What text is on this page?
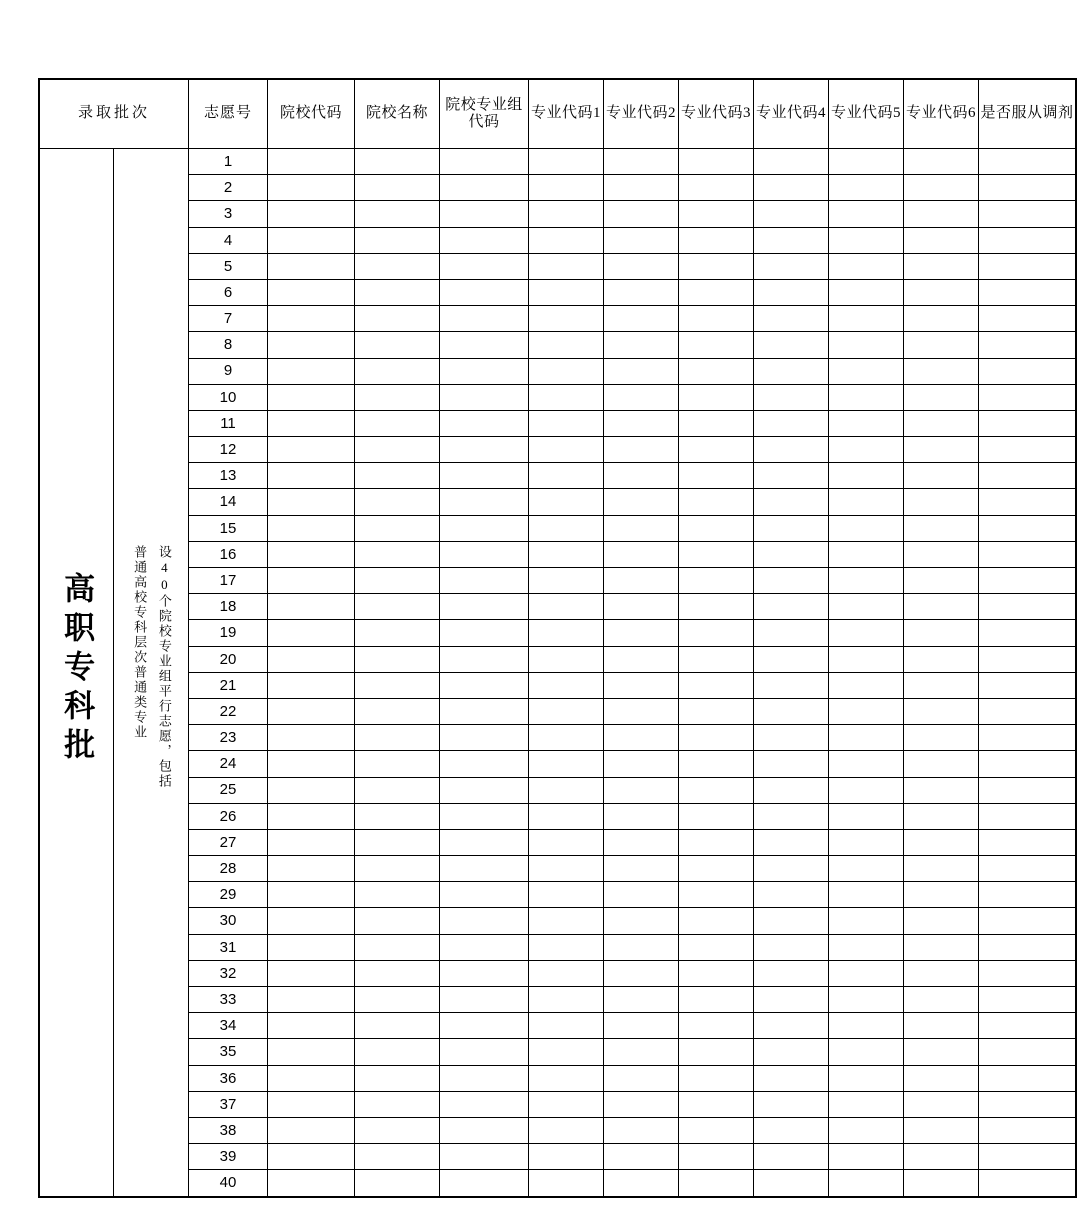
录取批次		志愿号	院校代码	院校名称	院校专业组代码	专业代码1	专业代码2	专业代码3	专业代码4	专业代码5	专业代码6	是否服从调剂
高职专科批	设40个院校专业组平行志愿，包括普通高校专科层次普通类专业	1										
		2										
		3										
		4										
		5										
		6										
		7										
		8										
		9										
		10										
		11										
		12										
		13										
		14										
		15										
		16										
		17										
		18										
		19										
		20										
		21										
		22										
		23										
		24										
		25										
		26										
		27										
		28										
		29										
		30										
		31										
		32										
		33										
		34										
		35										
		36										
		37										
		38										
		39										
		40										
